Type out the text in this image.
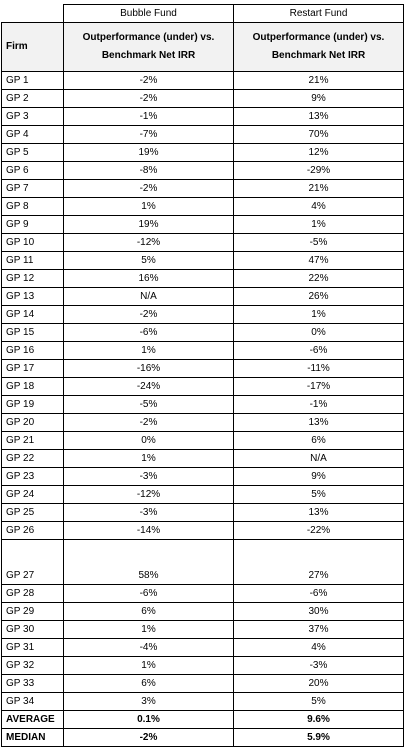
	Bubble Fund	Restart Fund
Firm	Outperformance (under) vs. Benchmark Net IRR	Outperformance (under) vs. Benchmark Net IRR
GP 1	-2%	21%
GP 2	-2%	9%
GP 3	-1%	13%
GP 4	-7%	70%
GP 5	19%	12%
GP 6	-8%	-29%
GP 7	-2%	21%
GP 8	1%	4%
GP 9	19%	1%
GP 10	-12%	-5%
GP 11	5%	47%
GP 12	16%	22%
GP 13	N/A	26%
GP 14	-2%	1%
GP 15	-6%	0%
GP 16	1%	-6%
GP 17	-16%	-11%
GP 18	-24%	-17%
GP 19	-5%	-1%
GP 20	-2%	13%
GP 21	0%	6%
GP 22	1%	N/A
GP 23	-3%	9%
GP 24	-12%	5%
GP 25	-3%	13%
GP 26	-14%	-22%
GP 27	58%	27%
GP 28	-6%	-6%
GP 29	6%	30%
GP 30	1%	37%
GP 31	-4%	4%
GP 32	1%	-3%
GP 33	6%	20%
GP 34	3%	5%
AVERAGE	0.1%	9.6%
MEDIAN	-2%	5.9%
